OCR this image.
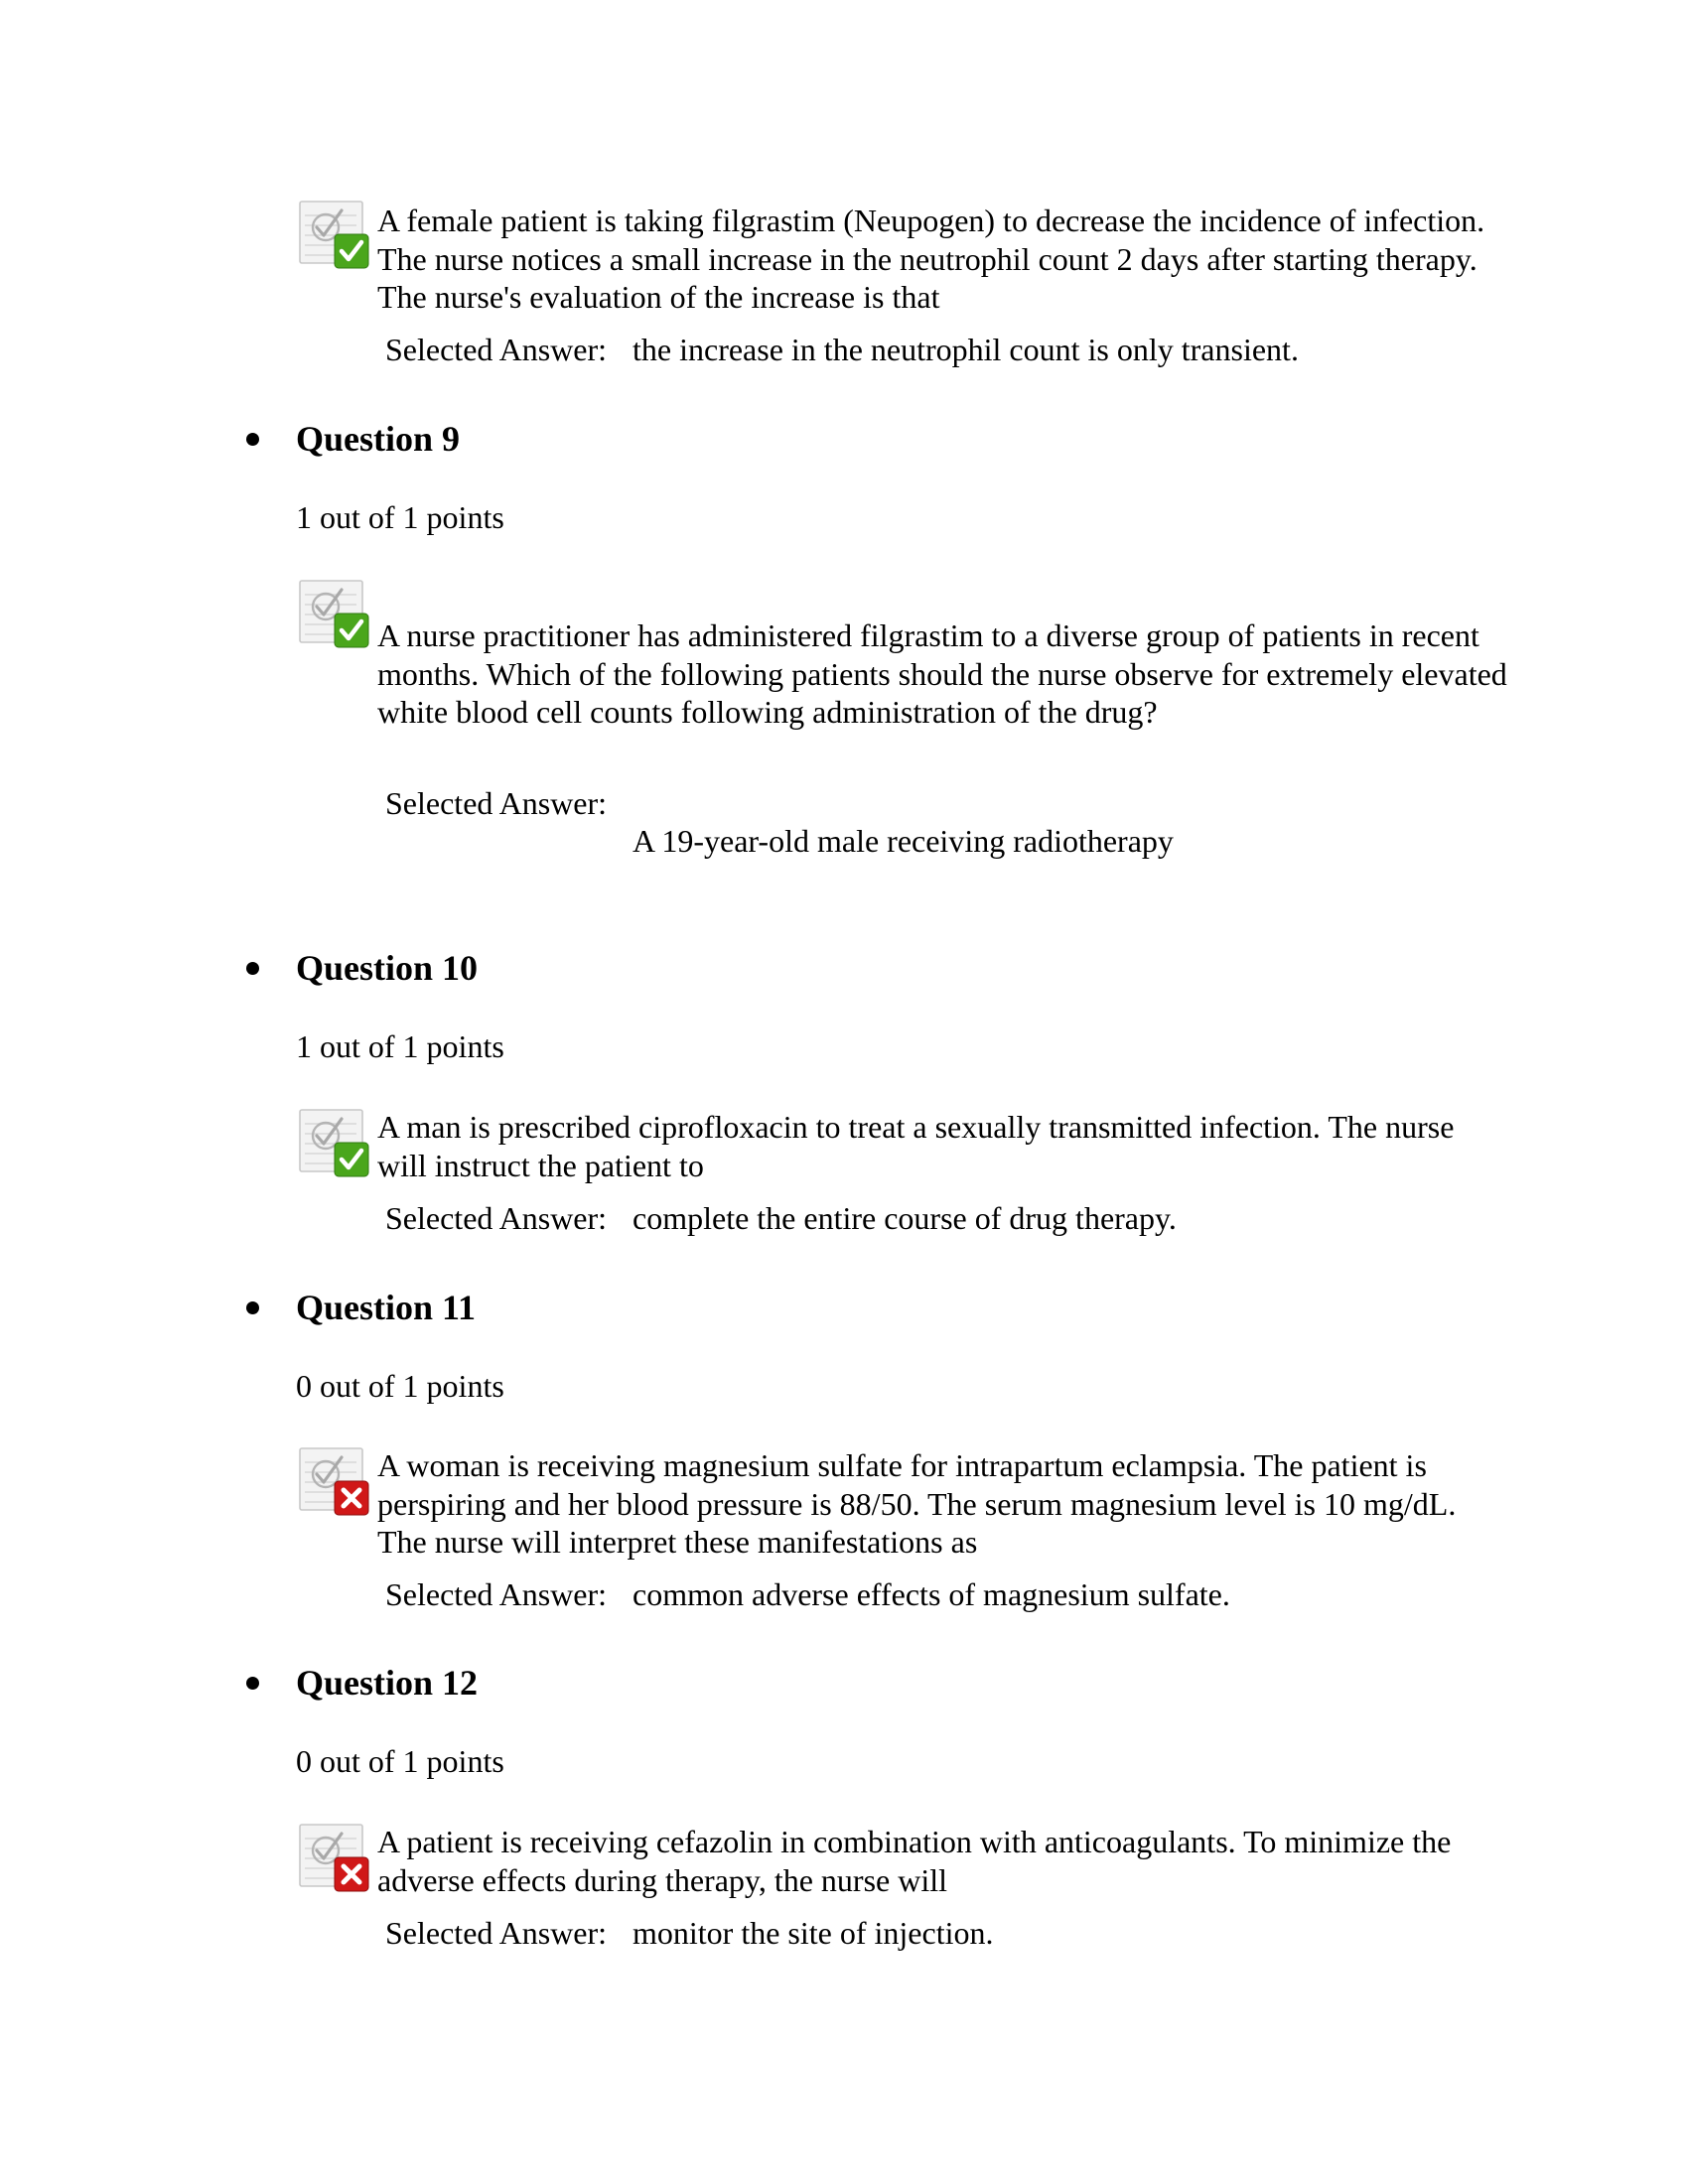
A female patient is taking filgrastim (Neupogen) to decrease the incidence of infection.
The nurse notices a small increase in the neutrophil count 2 days after starting therapy.
The nurse's evaluation of the increase is that
Selected Answer: the increase in the neutrophil count is only transient.
Question 9
1 out of 1 points
A nurse practitioner has administered filgrastim to a diverse group of patients in recent
months. Which of the following patients should the nurse observe for extremely elevated
white blood cell counts following administration of the drug?
Selected Answer:
A 19-year-old male receiving radiotherapy
Question 10
1 out of 1 points
A man is prescribed ciprofloxacin to treat a sexually transmitted infection. The nurse
will instruct the patient to
Selected Answer: complete the entire course of drug therapy.
Question 11
0 out of 1 points
A woman is receiving magnesium sulfate for intrapartum eclampsia. The patient is
perspiring and her blood pressure is 88/50. The serum magnesium level is 10 mg/dL.
The nurse will interpret these manifestations as
Selected Answer: common adverse effects of magnesium sulfate.
Question 12
0 out of 1 points
A patient is receiving cefazolin in combination with anticoagulants. To minimize the
adverse effects during therapy, the nurse will
Selected Answer: monitor the site of injection.
